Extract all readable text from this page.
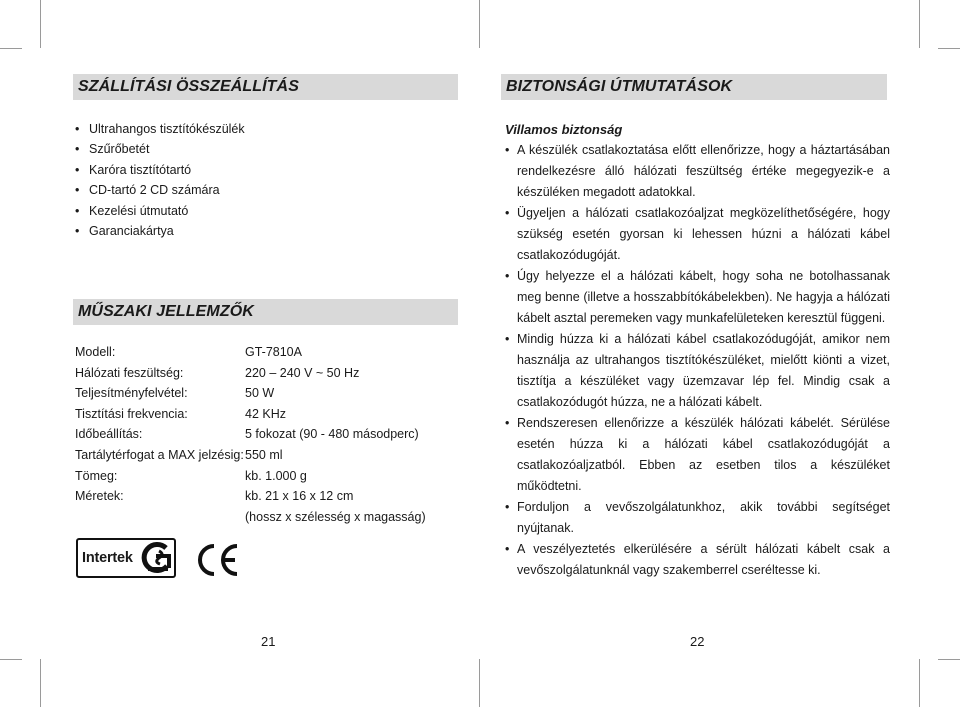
SZÁLLÍTÁSI ÖSSZEÁLLÍTÁS
• Ultrahangos tisztítókészülék
• Szűrőbetét
• Karóra tisztítótartó
• CD-tartó 2 CD számára
• Kezelési útmutató
• Garanciakártya
MŰSZAKI JELLEMZŐK
Modell:	GT-7810A
Hálózati feszültség:	220 – 240 V ~ 50 Hz
Teljesítményfelvétel:	50 W
Tisztítási frekvencia:	42 KHz
Időbeállítás:	5 fokozat (90 - 480 másodperc)
Tartálytérfogat a MAX jelzésig: 550 ml
Tömeg:	kb. 1.000 g
Méretek:	kb. 21 x 16 x 12 cm
(hossz x szélesség x magasság)
Intertek
21
BIZTONSÁGI ÚTMUTATÁSOK
Villamos biztonság
• A készülék csatlakoztatása előtt ellenőrizze, hogy a háztartásában rendelkezésre álló hálózati feszültség értéke megegyezik-e a készüléken megadott adatokkal.
• Ügyeljen a hálózati csatlakozóaljzat megközelíthetőségére, hogy szükség esetén gyorsan ki lehessen húzni a hálózati kábel csatlakozódugóját.
• Úgy helyezze el a hálózati kábelt, hogy soha ne botolhassanak meg benne (illetve a hosszabbítókábelekben). Ne hagyja a hálózati kábelt asztal peremeken vagy munkafelületeken keresztül függeni.
• Mindig húzza ki a hálózati kábel csatlakozódugóját, amikor nem használja az ultrahangos tisztítókészüléket, mielőtt kiönti a vizet, tisztítja a készüléket vagy üzemzavar lép fel. Mindig csak a csatlakozódugót húzza, ne a hálózati kábelt.
• Rendszeresen ellenőrizze a készülék hálózati kábelét. Sérülése esetén húzza ki a hálózati kábel csatlakozódugóját a csatlakozóaljzatból. Ebben az esetben tilos a készüléket működtetni.
• Forduljon a vevőszolgálatunkhoz, akik további segítséget nyújtanak.
• A veszélyeztetés elkerülésére a sérült hálózati kábelt csak a vevőszolgálatunknál vagy szakemberrel cseréltesse ki.
22
